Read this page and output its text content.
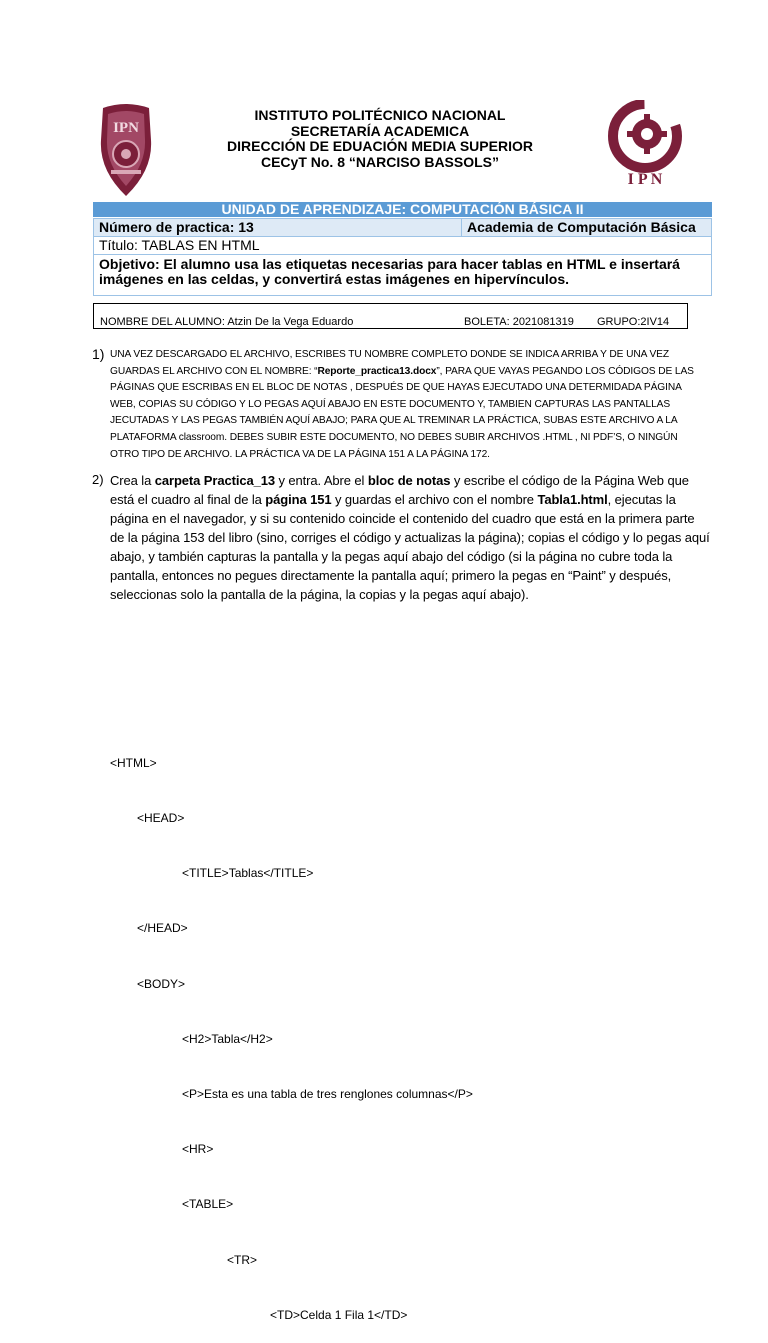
IPN
I P N
INSTITUTO POLITÉCNICO NACIONAL
SECRETARÍA ACADEMICA
DIRECCIÓN DE EDUACIÓN MEDIA SUPERIOR
CECyT No. 8 “NARCISO BASSOLS”
UNIDAD DE APRENDIZAJE: COMPUTACIÓN BÁSICA II
Número de practica: 13	Academia de Computación Básica
Título: TABLAS EN HTML
Objetivo: El alumno usa las etiquetas necesarias para hacer tablas en HTML e insertará imágenes en las celdas, y convertirá estas imágenes en hipervínculos.
NOMBRE DEL ALUMNO: Atzin De la Vega Eduardo	BOLETA: 2021081319 GRUPO:2IV14
1) UNA VEZ DESCARGADO EL ARCHIVO, ESCRIBES TU NOMBRE COMPLETO DONDE SE INDICA ARRIBA Y DE UNA VEZ GUARDAS EL ARCHIVO CON EL NOMBRE: “Reporte_practica13.docx”, PARA QUE VAYAS PEGANDO LOS CÓDIGOS DE LAS PÁGINAS QUE ESCRIBAS EN EL BLOC DE NOTAS , DESPUÉS DE QUE HAYAS EJECUTADO UNA DETERMIDADA PÁGINA WEB, COPIAS SU CÓDIGO Y LO PEGAS AQUÍ ABAJO EN ESTE DOCUMENTO Y, TAMBIEN CAPTURAS LAS PANTALLAS JECUTADAS Y LAS PEGAS TAMBIÉN AQUÍ ABAJO; PARA QUE AL TREMINAR LA PRÁCTICA, SUBAS ESTE ARCHIVO A LA PLATAFORMA classroom. DEBES SUBIR ESTE DOCUMENTO, NO DEBES SUBIR ARCHIVOS .HTML , NI PDF’S, O NINGÚN OTRO TIPO DE ARCHIVO. LA PRÁCTICA VA DE LA PÁGINA 151 A LA PÁGINA 172.
2) Crea la carpeta Practica_13 y entra. Abre el bloc de notas y escribe el código de la Página Web que está el cuadro al final de la página 151 y guardas el archivo con el nombre Tabla1.html, ejecutas la página en el navegador, y si su contenido coincide el contenido del cuadro que está en la primera parte de la página 153 del libro (sino, corriges el código y actualizas la página); copias el código y lo pegas aquí abajo, y también capturas la pantalla y la pegas aquí abajo del código (si la página no cubre toda la pantalla, entonces no pegues directamente la pantalla aquí; primero la pegas en “Paint” y después, seleccionas solo la pantalla de la página, la copias y la pegas aquí abajo).

<HTML>

<HEAD>

<TITLE>Tablas</TITLE>

</HEAD>

<BODY>

<H2>Tabla</H2>

<P>Esta es una tabla de tres renglones columnas</P>

<HR>

<TABLE>

<TR>

<TD>Celda 1 Fila 1</TD>
